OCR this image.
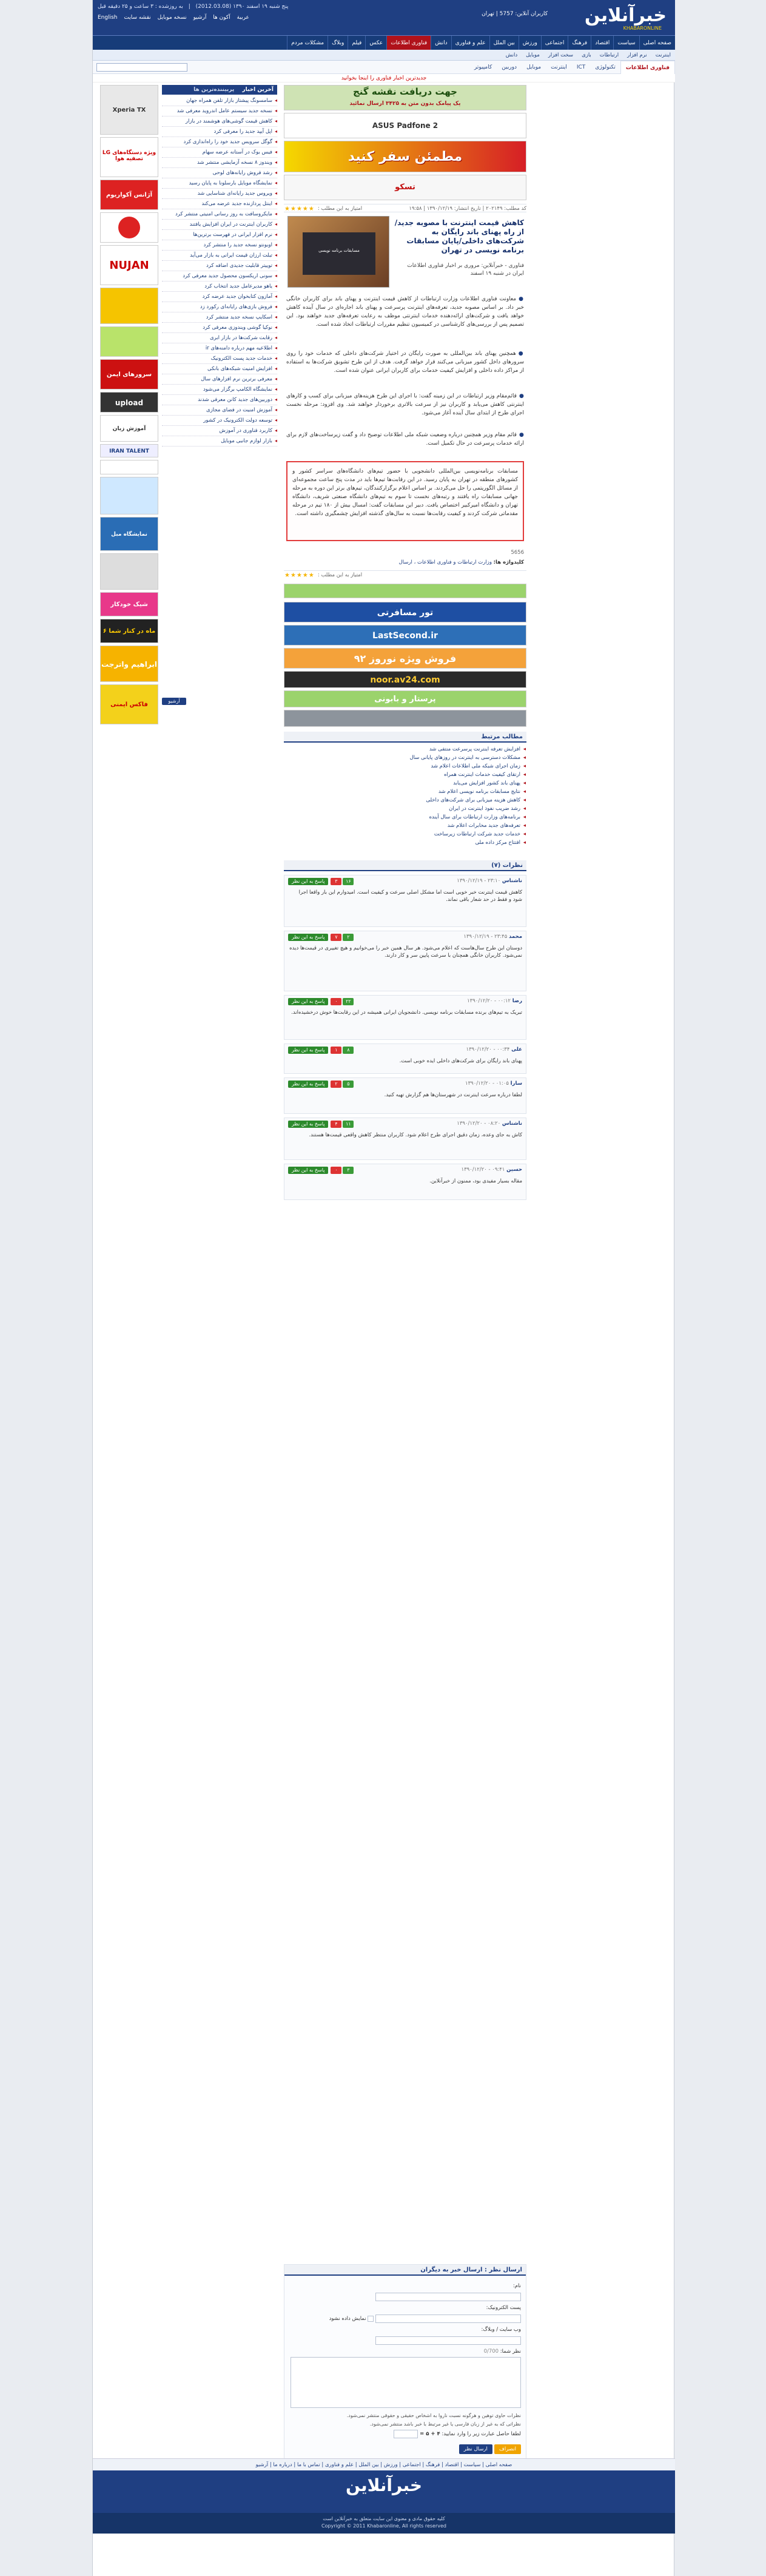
خبرآنلاین
KHABARONLINE
پنج شنبه ۱۹ اسفند ۱۳۹۰ (2012.03.08) | به روزشده : ۳ ساعت و ۲۵ دقیقه قبل
English	عربية آکون ها آرشیو نسخه موبایل نقشه سایت
کاربران آنلاین: 5757 | تهران
صفحه اصلی
سیاست
اقتصاد
فرهنگ
اجتماعی
ورزش
بین الملل
علم و فناوری
دانش
فناوری اطلاعات
عکس
فیلم
وبلاگ
مشکلات مردم
اینترنت
نرم افزار
ارتباطات
بازی
سخت افزار
موبایل
دانش
فناوری اطلاعات
تکنولوژی
ICT
اینترنت
موبایل
دوربین
کامپیوتر
جدیدترین اخبار فناوری را اینجا بخوانید
جهت دریافت نقشه گنج
یک پیامک بدون متن به ۳۴۲۵ ارسال نمائید
ASUS Padfone 2
مطمئن سفر کنید
تسکو
کد مطلب: ۲۰۲۱۴۹ | تاریخ انتشار: ۱۳۹۰/۱۲/۱۹ | ۱۹:۵۸
★★★★★	امتیاز به این مطلب :
مسابقات برنامه نویسی
کاهش قیمت اینترنت با مصوبه جدید/از راه پهنای باند رایگان به شرکت‌های داخلی/پایان مسابقات برنامه نویسی در تهران
فناوری - خبرآنلاین: مروری بر اخبار فناوری اطلاعات ایران در شنبه ۱۹ اسفند
●معاونت فناوری اطلاعات وزارت ارتباطات از کاهش قیمت اینترنت و پهنای باند برای کاربران خانگی خبر داد. بر اساس مصوبه جدید، تعرفه‌های اینترنت پرسرعت و پهنای باند اجاره‌ای در سال آینده کاهش خواهد یافت و شرکت‌های ارائه‌دهنده خدمات اینترنتی موظف به رعایت تعرفه‌های جدید خواهند بود. این تصمیم پس از بررسی‌های کارشناسی در کمیسیون تنظیم مقررات ارتباطات اتخاذ شده است.
●همچنین پهنای باند بین‌المللی به صورت رایگان در اختیار شرکت‌های داخلی که خدمات خود را روی سرورهای داخل کشور میزبانی می‌کنند قرار خواهد گرفت. هدف از این طرح تشویق شرکت‌ها به استفاده از مراکز داده داخلی و افزایش کیفیت خدمات برای کاربران ایرانی عنوان شده است.
●قائم‌مقام وزیر ارتباطات در این زمینه گفت: با اجرای این طرح هزینه‌های میزبانی برای کسب و کارهای اینترنتی کاهش می‌یابد و کاربران نیز از سرعت بالاتری برخوردار خواهند شد. وی افزود: مرحله نخست اجرای طرح از ابتدای سال آینده آغاز می‌شود.
●قائم مقام وزیر همچنین درباره وضعیت شبکه ملی اطلاعات توضیح داد و گفت زیرساخت‌های لازم برای ارائه خدمات پرسرعت در حال تکمیل است.
مسابقات برنامه‌نویسی بین‌المللی دانشجویی با حضور تیم‌های دانشگاه‌های سراسر کشور و کشورهای منطقه در تهران به پایان رسید. در این رقابت‌ها تیم‌ها باید در مدت پنج ساعت مجموعه‌ای از مسائل الگوریتمی را حل می‌کردند. بر اساس اعلام برگزارکنندگان، تیم‌های برتر این دوره به مرحله جهانی مسابقات راه یافتند و رتبه‌های نخست تا سوم به تیم‌های دانشگاه صنعتی شریف، دانشگاه تهران و دانشگاه امیرکبیر اختصاص یافت. دبیر این مسابقات گفت: امسال بیش از ۱۸۰ تیم در مرحله مقدماتی شرکت کردند و کیفیت رقابت‌ها نسبت به سال‌های گذشته افزایش چشمگیری داشته است.
5656
کلیدواژه ها: وزارت ارتباطات و فناوری اطلاعات ، ارسال
★★★★★	امتیاز به این مطلب :
تور مسافرتی
LastSecond.ir
فروش ویژه نوروز ۹۲
noor.av24.com
پرستار و بابونی
مطالب مرتبط
◂ افزایش تعرفه اینترنت پرسرعت منتفی شد
◂ مشکلات دسترسی به اینترنت در روزهای پایانی سال
◂ زمان اجرای شبکه ملی اطلاعات اعلام شد
◂ ارتقای کیفیت خدمات اینترنت همراه
◂ پهنای باند کشور افزایش می‌یابد
◂ نتایج مسابقات برنامه نویسی اعلام شد
◂ کاهش هزینه میزبانی برای شرکت‌های داخلی
◂ رشد ضریب نفوذ اینترنت در ایران
◂ برنامه‌های وزارت ارتباطات برای سال آینده
◂ تعرفه‌های جدید مخابرات اعلام شد
◂ خدمات جدید شرکت ارتباطات زیرساخت
◂ افتتاح مرکز داده ملی
نظرات (۷)
ناشناس ۲۳:۱۰ - ۱۳۹۰/۱۲/۱۹
پاسخ به این نظر ۳ ۱۶
کاهش قیمت اینترنت خبر خوبی است اما مشکل اصلی سرعت و کیفیت است. امیدوارم این بار واقعا اجرا شود و فقط در حد شعار باقی نماند.
محمد ۲۳:۴۵ - ۱۳۹۰/۱۲/۱۹
پاسخ به این نظر ۷ ۲
دوستان این طرح سال‌هاست که اعلام می‌شود. هر سال همین خبر را می‌خوانیم و هیچ تغییری در قیمت‌ها دیده نمی‌شود. کاربران خانگی همچنان با سرعت پایین سر و کار دارند.
رضا ۰۰:۱۲ - ۱۳۹۰/۱۲/۲۰
پاسخ به این نظر ۰ ۲۲
تبریک به تیم‌های برنده مسابقات برنامه نویسی. دانشجویان ایرانی همیشه در این رقابت‌ها خوش درخشیده‌اند.
علی ۰۰:۳۴ - ۱۳۹۰/۱۲/۲۰
پاسخ به این نظر ۱ ۸
پهنای باند رایگان برای شرکت‌های داخلی ایده خوبی است.
سارا ۰۱:۰۵ - ۱۳۹۰/۱۲/۲۰
پاسخ به این نظر ۲ ۵
لطفا درباره سرعت اینترنت در شهرستان‌ها هم گزارش تهیه کنید.
ناشناس ۰۸:۲۰ - ۱۳۹۰/۱۲/۲۰
پاسخ به این نظر ۴ ۱۱
کاش به جای وعده، زمان دقیق اجرای طرح اعلام شود. کاربران منتظر کاهش واقعی قیمت‌ها هستند.
حسین ۰۹:۴۱ - ۱۳۹۰/۱۲/۲۰
پاسخ به این نظر ۰ ۳
مقاله بسیار مفیدی بود، ممنون از خبرآنلاین.
ارسال نظر : ارسال خبر به دیگران
نام:
پست الکترونیک:
نمایش داده نشود
وب سایت / وبلاگ:
نظر شما: 0/700
نظرات حاوی توهین و هرگونه نسبت ناروا به اشخاص حقیقی و حقوقی منتشر نمی‌شود.
نظراتی که به غیر از زبان فارسی یا غیر مرتبط با خبر باشد منتشر نمی‌شود.
لطفا حاصل عبارت زیر را وارد نمایید: ۴ + ۵ =
ارسال نظر انصراف
Xperia TX
LG ویژه دستگاه‌های تصفیه هوا
آژانس آکواریوم
NUJAN
سرورهای ایمن
upload
آموزش زبان
IRAN TALENT
نمایشگاه مبل
شیک خودکار
۶ ماه در کنار شما
ابراهیم واترجت
فاکس ایمنی
آخرین اخبار پربیننده‌ترین ها
◂ سامسونگ پیشتاز بازار تلفن همراه جهان
◂ نسخه جدید سیستم عامل اندروید معرفی شد
◂ کاهش قیمت گوشی‌های هوشمند در بازار
◂ اپل آیپد جدید را معرفی کرد
◂ گوگل سرویس جدید خود را راه‌اندازی کرد
◂ فیس بوک در آستانه عرضه سهام
◂ ویندوز ۸ نسخه آزمایشی منتشر شد
◂ رشد فروش رایانه‌های لوحی
◂ نمایشگاه موبایل بارسلونا به پایان رسید
◂ ویروس جدید رایانه‌ای شناسایی شد
◂ اینتل پردازنده جدید عرضه می‌کند
◂ مایکروسافت به روز رسانی امنیتی منتشر کرد
◂ کاربران اینترنت در ایران افزایش یافتند
◂ نرم افزار ایرانی در فهرست برترین‌ها
◂ اوبونتو نسخه جدید را منتشر کرد
◂ تبلت ارزان قیمت ایرانی به بازار می‌آید
◂ توییتر قابلیت جدیدی اضافه کرد
◂ سونی اریکسون محصول جدید معرفی کرد
◂ یاهو مدیرعامل جدید انتخاب کرد
◂ آمازون کتابخوان جدید عرضه کرد
◂ فروش بازی‌های رایانه‌ای رکورد زد
◂ اسکایپ نسخه جدید منتشر کرد
◂ نوکیا گوشی ویندوزی معرفی کرد
◂ رقابت شرکت‌ها در بازار ابری
◂ اطلاعیه مهم درباره دامنه‌های ir
◂ خدمات جدید پست الکترونیک
◂ افزایش امنیت شبکه‌های بانکی
◂ معرفی برترین نرم افزارهای سال
◂ نمایشگاه الکامپ برگزار می‌شود
◂ دوربین‌های جدید کانن معرفی شدند
◂ آموزش امنیت در فضای مجازی
◂ توسعه دولت الکترونیک در کشور
◂ کاربرد فناوری در آموزش
◂ بازار لوازم جانبی موبایل
آرشیو
صفحه اصلی | سیاست | اقتصاد | فرهنگ | اجتماعی | ورزش | بین الملل | علم و فناوری | تماس با ما | درباره ما | آرشیو
خبرآنلاین
کلیه حقوق مادی و معنوی این سایت متعلق به خبرآنلاین است
Copyright © 2011 Khabaronline, All rights reserved
